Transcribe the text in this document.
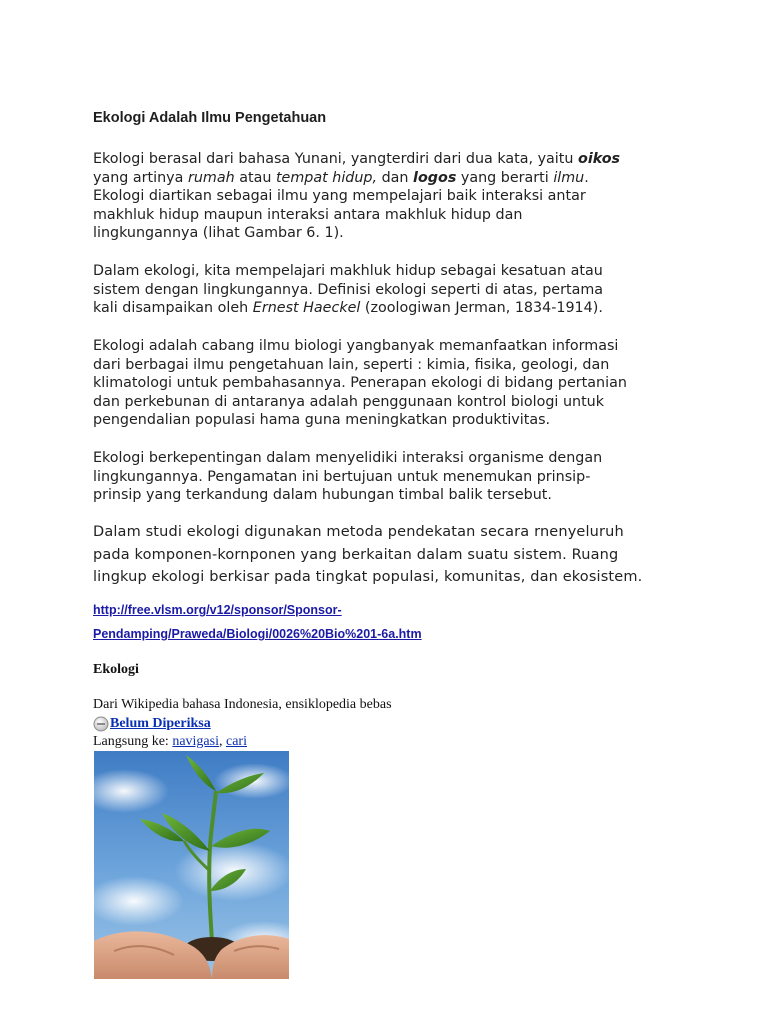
Ekologi Adalah Ilmu Pengetahuan

Ekologi berasal dari bahasa Yunani, yangterdiri dari dua kata, yaitu oikos
yang artinya rumah atau tempat hidup, dan logos yang berarti ilmu.
Ekologi diartikan sebagai ilmu yang mempelajari baik interaksi antar
makhluk hidup maupun interaksi antara makhluk hidup dan
lingkungannya (lihat Gambar 6. 1).

Dalam ekologi, kita mempelajari makhluk hidup sebagai kesatuan atau
sistem dengan lingkungannya. Definisi ekologi seperti di atas, pertama
kali disampaikan oleh Ernest Haeckel (zoologiwan Jerman, 1834-1914).

Ekologi adalah cabang ilmu biologi yangbanyak memanfaatkan informasi
dari berbagai ilmu pengetahuan lain, seperti : kimia, fisika, geologi, dan
klimatologi untuk pembahasannya. Penerapan ekologi di bidang pertanian
dan perkebunan di antaranya adalah penggunaan kontrol biologi untuk
pengendalian populasi hama guna meningkatkan produktivitas.

Ekologi berkepentingan dalam menyelidiki interaksi organisme dengan
lingkungannya. Pengamatan ini bertujuan untuk menemukan prinsip-
prinsip yang terkandung dalam hubungan timbal balik tersebut.

Dalam studi ekologi digunakan metoda pendekatan secara rnenyeluruh
pada komponen-kornponen yang berkaitan dalam suatu sistem. Ruang
lingkup ekologi berkisar pada tingkat populasi, komunitas, dan ekosistem.

http://free.vlsm.org/v12/sponsor/Sponsor-
Pendamping/Praweda/Biologi/0026%20Bio%201-6a.htm
Ekologi
Dari Wikipedia bahasa Indonesia, ensiklopedia bebas
Belum Diperiksa
Langsung ke: navigasi, cari
